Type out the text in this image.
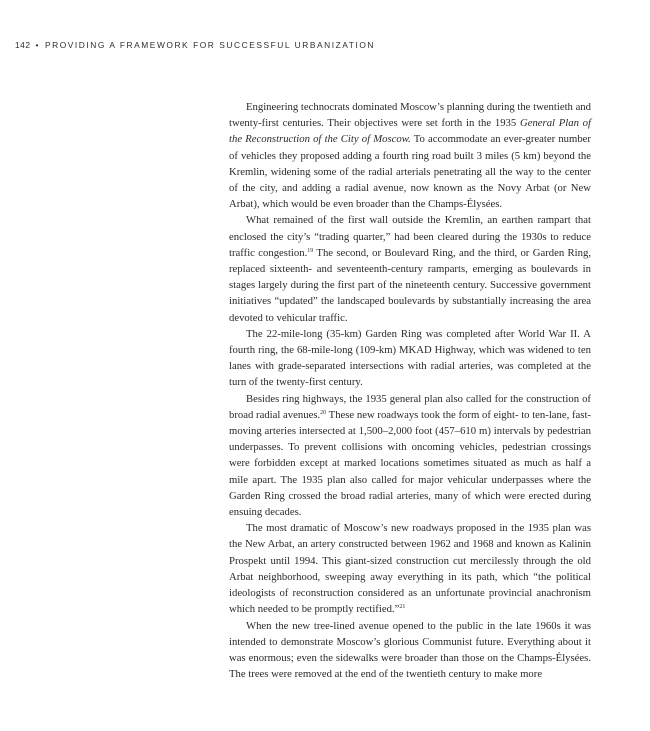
142 • PROVIDING A FRAMEWORK FOR SUCCESSFUL URBANIZATION

Engineering technocrats dominated Moscow’s planning during the twentieth and twenty-first centuries. Their objectives were set forth in the 1935 General Plan of the Reconstruction of the City of Moscow. To accommodate an ever-greater number of vehicles they proposed adding a fourth ring road built 3 miles (5 km) beyond the Kremlin, widening some of the radial arterials penetrating all the way to the center of the city, and adding a radial avenue, now known as the Novy Arbat (or New Arbat), which would be even broader than the Champs-Élysées.

What remained of the first wall outside the Kremlin, an earthen rampart that enclosed the city’s “trading quarter,” had been cleared during the 1930s to reduce traffic congestion.$^{19}$ The second, or Boulevard Ring, and the third, or Garden Ring, replaced sixteenth- and seventeenth-century ramparts, emerging as boulevards in stages largely during the first part of the nineteenth century. Successive government initiatives “updated” the landscaped boulevards by substantially increasing the area devoted to vehicular traffic.

The 22-mile-long (35-km) Garden Ring was completed after World War II. A fourth ring, the 68-mile-long (109-km) MKAD Highway, which was widened to ten lanes with grade-separated intersections with radial arteries, was completed at the turn of the twenty-first century.

Besides ring highways, the 1935 general plan also called for the construction of broad radial avenues.$^{20}$ These new roadways took the form of eight- to ten-lane, fast-moving arteries intersected at 1,500–2,000 foot (457–610 m) intervals by pedestrian underpasses. To prevent collisions with oncoming vehicles, pedestrian crossings were forbidden except at marked locations sometimes situated as much as half a mile apart. The 1935 plan also called for major vehicular underpasses where the Garden Ring crossed the broad radial arteries, many of which were erected during ensuing decades.

The most dramatic of Moscow’s new roadways proposed in the 1935 plan was the New Arbat, an artery constructed between 1962 and 1968 and known as Kalinin Prospekt until 1994. This giant-sized construction cut mercilessly through the old Arbat neighborhood, sweeping away everything in its path, which “the political ideologists of reconstruction considered as an unfortunate provincial anachronism which needed to be promptly rectified.”$^{21}$

When the new tree-lined avenue opened to the public in the late 1960s it was intended to demonstrate Moscow’s glorious Communist future. Everything about it was enormous; even the sidewalks were broader than those on the Champs-Élysées. The trees were removed at the end of the twentieth century to make more
